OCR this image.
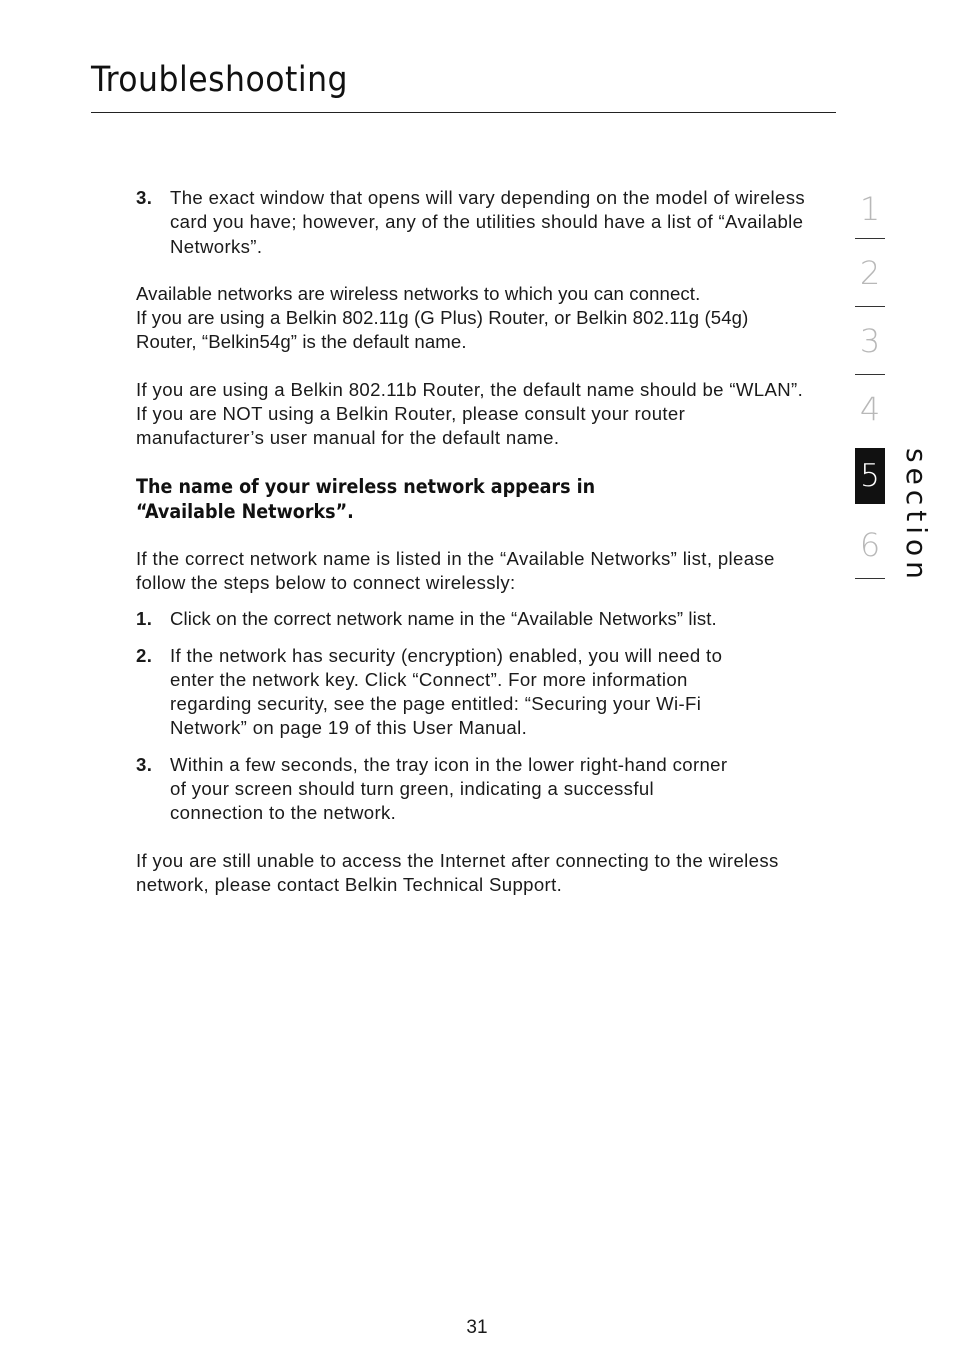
Troubleshooting
3. The exact window that opens will vary depending on the model of wireless card you have; however, any of the utilities should have a list of “Available Networks”.

Available networks are wireless networks to which you can connect.

If you are using a Belkin 802.11g (G Plus) Router, or Belkin 802.11g (54g) Router, “Belkin54g” is the default name.

If you are using a Belkin 802.11b Router, the default name should be “WLAN”. If you are NOT using a Belkin Router, please consult your router manufacturer’s user manual for the default name.

The name of your wireless network appears in
“Available Networks”.

If the correct network name is listed in the “Available Networks” list, please follow the steps below to connect wirelessly:

1. Click on the correct network name in the “Available Networks” list.

2. If the network has security (encryption) enabled, you will need to enter the network key. Click “Connect”. For more information regarding security, see the page entitled: “Securing your Wi-Fi Network” on page 19 of this User Manual.

3. Within a few seconds, the tray icon in the lower right-hand corner of your screen should turn green, indicating a successful connection to the network.

If you are still unable to access the Internet after connecting to the wireless network, please contact Belkin Technical Support.

1
2
3
4
5
6 section
31
